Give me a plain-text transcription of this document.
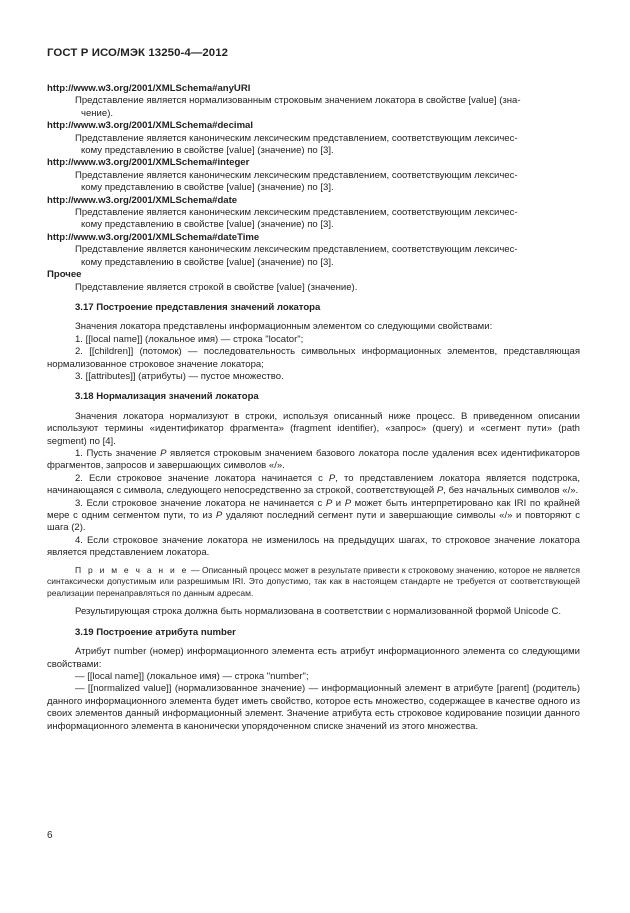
ГОСТ Р ИСО/МЭК 13250-4—2012

http://www.w3.org/2001/XMLSchema#anyURI

Представление является нормализованным строковым значением локатора в свойстве [value] (зна-
чение).

http://www.w3.org/2001/XMLSchema#decimal

Представление является каноническим лексическим представлением, соответствующим лексичес-
кому представлению в свойстве [value] (значение) по [3].

http://www.w3.org/2001/XMLSchema#integer

Представление является каноническим лексическим представлением, соответствующим лексичес-
кому представлению в свойстве [value] (значение) по [3].

http://www.w3.org/2001/XMLSchema#date

Представление является каноническим лексическим представлением, соответствующим лексичес-
кому представлению в свойстве [value] (значение) по [3].

http://www.w3.org/2001/XMLSchema#dateTime

Представление является каноническим лексическим представлением, соответствующим лексичес-
кому представлению в свойстве [value] (значение) по [3].

Прочее

Представление является строкой в свойстве [value] (значение).

3.17 Построение представления значений локатора

Значения локатора представлены информационным элементом со следующими свойствами:

1. [[local name]] (локальное имя) — строка "locator";

2. [[children]] (потомок) — последовательность символьных информационных элементов, представляющая нормализованное строковое значение локатора;

3. [[attributes]] (атрибуты) — пустое множество.

3.18 Нормализация значений локатора

Значения локатора нормализуют в строки, используя описанный ниже процесс. В приведенном описании используют термины «идентификатор фрагмента» (fragment identifier), «запрос» (query) и «сегмент пути» (path segment) по [4].

1. Пусть значение P является строковым значением базового локатора после удаления всех идентификаторов фрагментов, запросов и завершающих символов «/».

2. Если строковое значение локатора начинается с P, то представлением локатора является подстрока, начинающаяся с символа, следующего непосредственно за строкой, соответствующей P, без начальных символов «/».

3. Если строковое значение локатора не начинается с P и P может быть интерпретировано как IRI по крайней мере с одним сегментом пути, то из P удаляют последний сегмент пути и завершающие символы «/» и повторяют с шага (2).

4. Если строковое значение локатора не изменилось на предыдущих шагах, то строковое значение локатора является представлением локатора.

П р и м е ч а н и е — Описанный процесс может в результате привести к строковому значению, которое не является синтаксически допустимым или разрешимым IRI. Это допустимо, так как в настоящем стандарте не требуется от соответствующей реализации перенаправляться по данным адресам.

Результирующая строка должна быть нормализована в соответствии с нормализованной формой Unicode C.

3.19 Построение атрибута number

Атрибут number (номер) информационного элемента есть атрибут информационного элемента со следующими свойствами:

— [[local name]] (локальное имя) — строка "number";

— [[normalized value]] (нормализованное значение) — информационный элемент в атрибуте [parent] (родитель) данного информационного элемента будет иметь свойство, которое есть множество, содержащее в качестве одного из своих элементов данный информационный элемент. Значение атрибута есть строковое кодирование позиции данного информационного элемента в канонически упорядоченном списке значений из этого множества.

6
